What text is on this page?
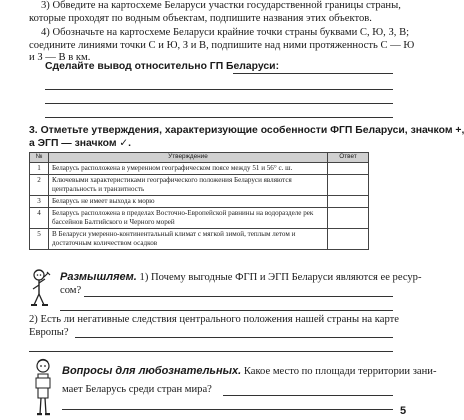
3) Обведите на картосхеме Беларуси участки государственной границы страны,

которые проходят по водным объектам, подпишите названия этих объектов.

4) Обозначьте на картосхеме Беларуси крайние точки страны буквами С, Ю, З, В;

соедините линиями точки С и Ю, З и В, подпишите над ними протяженность С — Ю

и З — В в км.

Сделайте вывод относительно ГП Беларуси:
3. Отметьте утверждения, характеризующие особенности ФГП Беларуси, значком +,
а ЭГП — значком ✓.
№	Утверждение	Ответ
1	Беларусь расположена в умеренном географическом поясе между 51 и 56° с. ш.	
2	Ключевыми характеристиками географического положения Беларуси являются центральность и транзитность	
3	Беларусь не имеет выхода к морю	
4	Беларусь расположена в пределах Восточно-Европейской равнины на водоразделе рек бассейнов Балтийского и Черного морей	
5	В Беларуси умеренно-континентальный климат с мягкой зимой, теплым летом и достаточным количеством осадков	
Размышляем. 1) Почему выгодные ФГП и ЭГП Беларуси являются ее ресур-
сом?

2) Есть ли негативные следствия центрального положения нашей страны на карте

Европы?

Вопросы для любознательных. Какое место по площади территории зани-
мает Беларусь среди стран мира?
5
